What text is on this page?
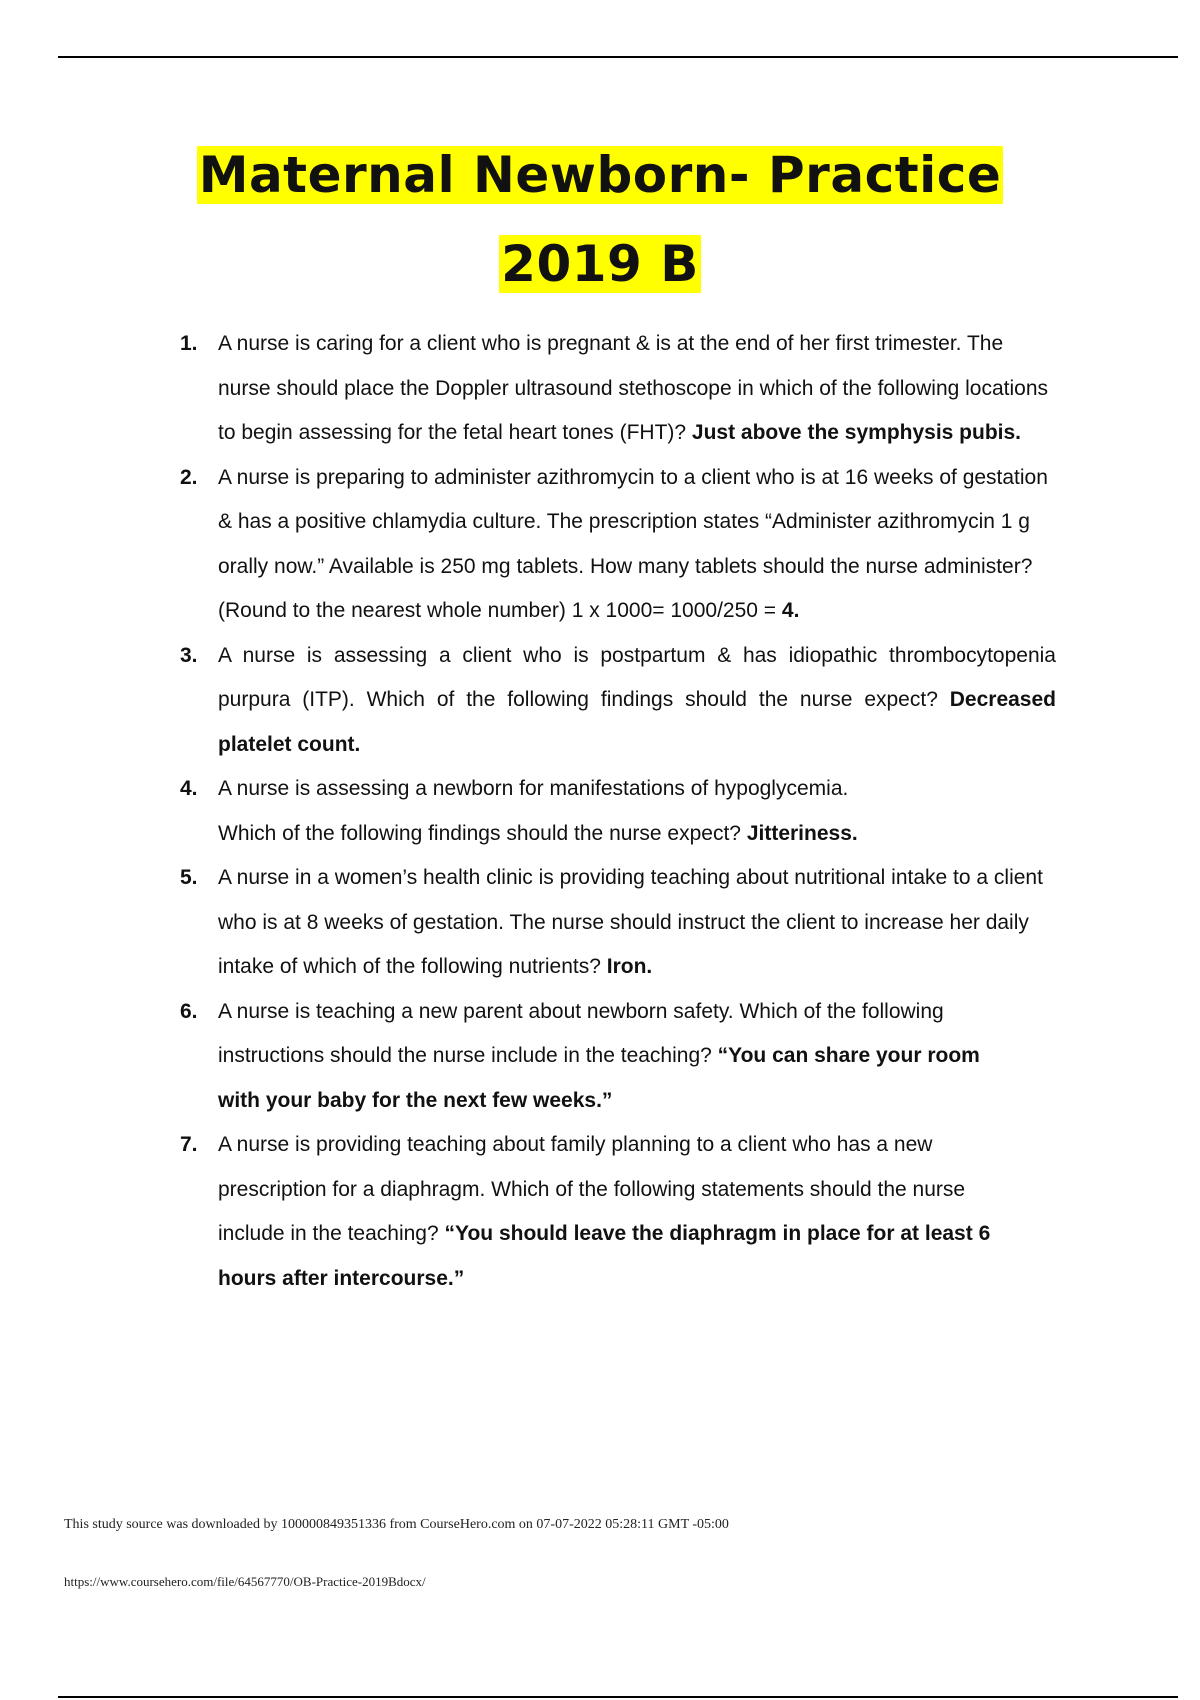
Maternal Newborn- Practice
2019 B
1. A nurse is caring for a client who is pregnant & is at the end of her first trimester. The nurse should place the Doppler ultrasound stethoscope in which of the following locations to begin assessing for the fetal heart tones (FHT)? Just above the symphysis pubis.
2. A nurse is preparing to administer azithromycin to a client who is at 16 weeks of gestation & has a positive chlamydia culture. The prescription states “Administer azithromycin 1 g orally now.” Available is 250 mg tablets. How many tablets should the nurse administer? (Round to the nearest whole number) 1 x 1000= 1000/250 = 4.
3. A nurse is assessing a client who is postpartum & has idiopathic thrombocytopenia purpura (ITP). Which of the following findings should the nurse expect? Decreased platelet count.
4. A nurse is assessing a newborn for manifestations of hypoglycemia. Which of the following findings should the nurse expect? Jitteriness.
5. A nurse in a women’s health clinic is providing teaching about nutritional intake to a client who is at 8 weeks of gestation. The nurse should instruct the client to increase her daily intake of which of the following nutrients? Iron.
6. A nurse is teaching a new parent about newborn safety. Which of the following instructions should the nurse include in the teaching? “You can share your room with your baby for the next few weeks.”
7. A nurse is providing teaching about family planning to a client who has a new prescription for a diaphragm. Which of the following statements should the nurse include in the teaching? “You should leave the diaphragm in place for at least 6 hours after intercourse.”
This study source was downloaded by 100000849351336 from CourseHero.com on 07-07-2022 05:28:11 GMT -05:00
https://www.coursehero.com/file/64567770/OB-Practice-2019Bdocx/
